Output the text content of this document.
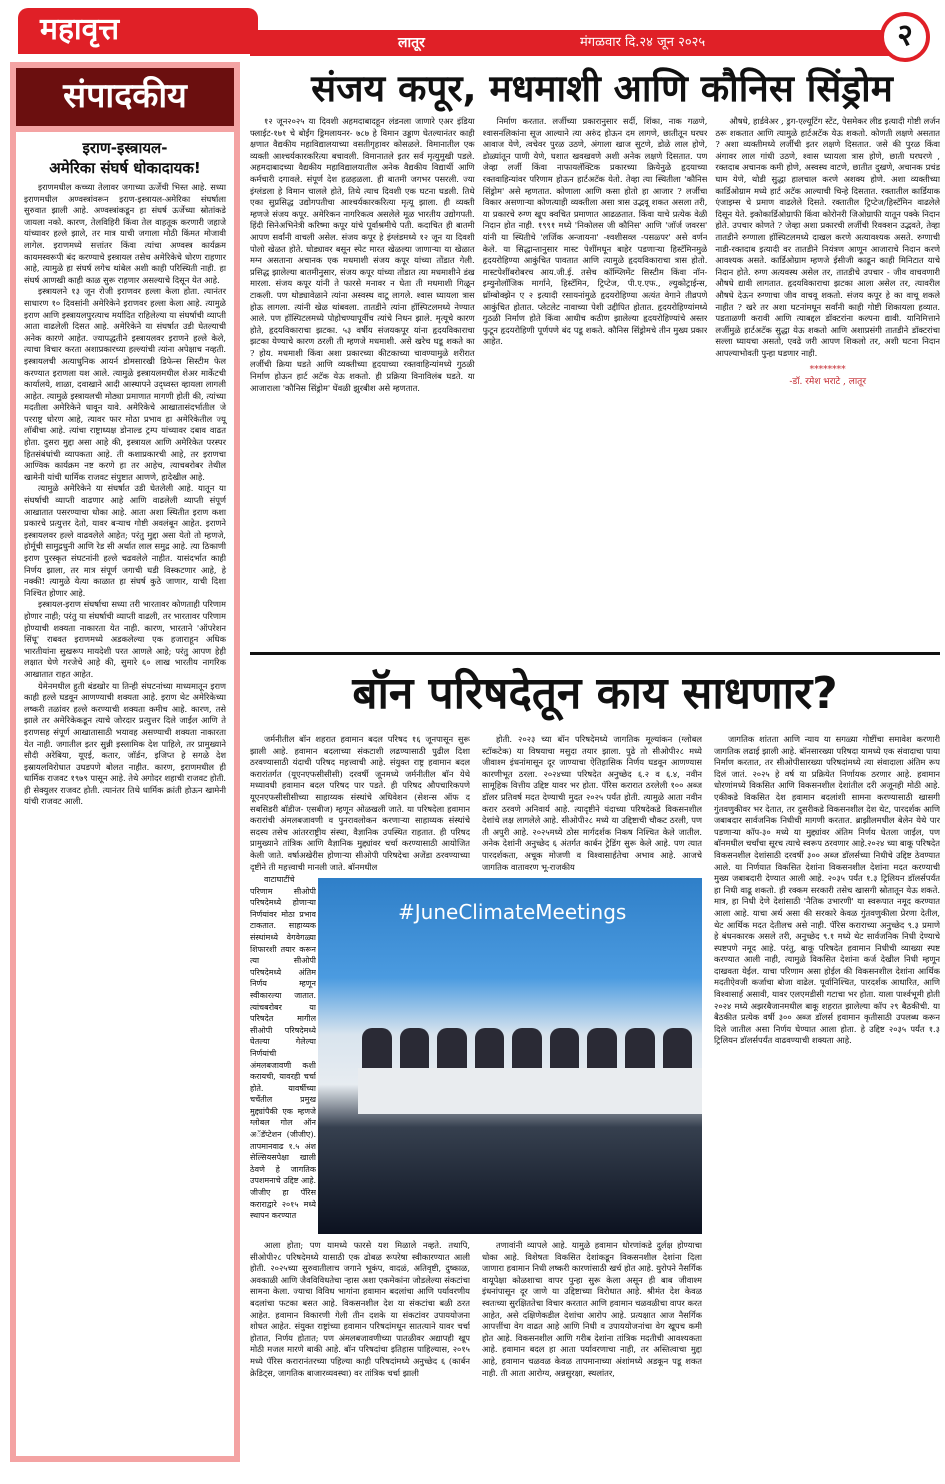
महावृत्त	लातूर	मंगळवार दि.२४ जून २०२५	२
संपादकीय
इराण-इस्त्रायल-
अमेरिका संघर्ष धोकादायक!

इराणमधील कच्च्या तेलावर जगाच्या ऊर्जेची भिस्त आहे. सध्या इराणमधील अण्वस्त्रांवरून इराण-इस्त्रायल-अमेरिका संघर्षाला सुरुवात झाली आहे. अण्वस्त्रांकडून हा संघर्ष ऊर्जेच्या स्रोतांकडे जायला नको. कारण, तेलविहिरी किंवा तेल वाहतूक करणारी जहाजे यांच्यावर हल्ले झाले, तर मात्र याची जगाला मोठी किंमत मोजावी लागेल. इराणमध्ये सत्तांतर किंवा त्यांचा अण्वस्त्र कार्यक्रम कायमस्वरूपी बंद करण्याचे इस्त्रायल तसेच अमेरिकेचे धोरण राहणार आहे, त्यामुळे हा संघर्ष लगेच थांबेल अशी काही परिस्थिती नाही. हा संघर्ष आणखी काही काळ सुरू राहणार असल्याचे दिसून येत आहे.

इस्त्रायलने १३ जून रोजी इराणवर हल्ला केला होता. त्यानंतर साधारण १० दिवसांनी अमेरिकेने इराणवर हल्ला केला आहे. त्यामुळे इराण आणि इस्त्रायलपुरत्याच मर्यादित राहिलेल्या या संघर्षाची व्याप्ती आता वाढलेली दिसत आहे. अमेरिकेने या संघर्षात उडी घेतल्याची अनेक कारणे आहेत. ज्यापद्धतीने इस्त्रायलवर इराणने हल्ले केले, त्याचा विचार करता अशाप्रकारच्या हल्ल्यांची त्यांना अपेक्षाच नव्हती. इस्त्रायलची अत्याधुनिक आयर्न डोमसारखी डिफेन्स सिस्टीम फेल करण्यात इराणला यश आले. त्यामुळे इस्त्रायलमधील शेअर मार्केटची कार्यालये, शाळा, दवाखाने आदी आस्थापने उद्ध्वस्त व्हायला लागली आहेत. त्यामुळे इस्त्रायलची मोठ्या प्रमाणात मागणी होती की, त्यांच्या मदतीला अमेरिकेने धावून यावे. अमेरिकेचे आखातासंदर्भातील जे परराष्ट्र धोरण आहे, त्यावर फार मोठा प्रभाव हा अमेरिकेतील ज्यू लॉबीचा आहे. त्यांचा राष्ट्राध्यक्ष डोनाल्ड ट्रम्प यांच्यावर दबाव वाढत होता. दुसरा मुद्दा असा आहे की, इस्त्रायल आणि अमेरिकेत परस्पर हितसंबंधांची व्यापकता आहे. ती कशाप्रकारची आहे, तर इराणचा आण्विक कार्यक्रम नष्ट करणे हा तर आहेच, त्याचबरोबर तेथील खामेनी यांची धार्मिक राजवट संपुष्टात आणणे, हादेखील आहे.

त्यामुळे अमेरिकेने या संघर्षात उडी घेतलेली आहे. यातून या संघर्षाची व्याप्ती वाढणार आहे आणि वाढलेली व्याप्ती संपूर्ण आखातात पसरण्याचा धोका आहे. आता अशा स्थितीत इराण कशा प्रकारचे प्रत्युत्तर देतो, यावर बऱ्याच गोष्टी अवलंबून आहेत. इराणने इस्त्रायलवर हल्ले वाढवलेले आहेत; परंतु मुद्दा असा येतो तो म्हणजे, होर्मूची सामुद्रधुनी आणि रेड सी अर्थात लाल समुद्र आहे. त्या ठिकाणी इराण पुरस्कृत संघटनांनी हल्ले चढवलेले नाहीत. यासंदर्भात काही निर्णय झाला, तर मात्र संपूर्ण जगाची घडी विस्कटणार आहे, हे नक्की! त्यामुळे येत्या काळात हा संघर्ष कुठे जाणार, याची दिशा निश्चित होणार आहे.

इस्त्रायल-इराण संघर्षाचा सध्या तरी भारतावर कोणताही परिणाम होणार नाही; परंतु या संघर्षाची व्याप्ती वाढली, तर भारतावर परिणाम होण्याची शक्यता नाकारता येत नाही. कारण, भारताने 'ऑपरेशन सिंधू' राबवत इराणमध्ये अडकलेल्या एक हजाराहून अधिक भारतीयांना सुखरूप मायदेशी परत आणले आहे; परंतु आपण हेही लक्षात घेणे गरजेचे आहे की, सुमारे ६० लाख भारतीय नागरिक आखातात राहत आहेत.

येमेनमधील हुती बंडखोर या तिन्ही संघटनांच्या माध्यमातून इराण काही हल्ले घडवून आणण्याची शक्यता आहे. इराण थेट अमेरिकेच्या लष्करी तळांवर हल्ले करण्याची शक्यता कमीच आहे. कारण, तसे झाले तर अमेरिकेकडून त्याचे जोरदार प्रत्युत्तर दिले जाईल आणि ते इराणसह संपूर्ण आखातासाठी भयावह असण्याची शक्यता नाकारता येत नाही. जगातील इतर सुन्नी इस्लामिक देश पाहिले, तर प्रामुख्याने सौदी अरेबिया, यूएई, कतार, जॉर्डन, इजिप्त हे सगळे देश इस्रायलविरोधात उघडपणे बोलत नाहीत. कारण, इराणमधील ही धार्मिक राजवट १९७९ पासून आहे. तेथे अगोदर शहाची राजवट होती. ही सेक्युलर राजवट होती. त्यानंतर तिथे धार्मिक क्रांती होऊन खामेनी यांची राजवट आली.

संजय कपूर, मधमाशी आणि कौनिस सिंड्रोम

१२ जून२०२५ या दिवशी अहमदाबादहून लंडनला जाणारे एअर इंडिया फ्लाईट-१७१ चे बोईंग ड्रिमलायनर- ७८७ हे विमान उड्डाण घेतल्यानंतर काही क्षणात वैद्यकीय महाविद्यालयाच्या वसतीगृहावर कोसळले. विमानातील एक व्यक्ती आश्चर्यकारकरित्या बचावली. विमानातले इतर सर्व मृत्युमुखी पडले. अहमदाबादच्या वैद्यकीय महाविद्यालयातील अनेक वैद्यकीय विद्यार्थी आणि कर्मचारी दगावले. संपूर्ण देश हळहळला. ही बातमी जगभर पसरली. ज्या इंग्लंडला हे विमान चालले होते, तिथे त्याच दिवशी एक घटना घडली. तिथे एका सुप्रसिद्ध उद्योगपतीचा आश्चर्यकारकरित्या मृत्यू झाला. ही व्यक्ती म्हणजे संजय कपूर. अमेरिकन नागरिकत्व असलेले मूळ भारतीय उद्योगपती. हिंदी सिनेअभिनेत्री करिष्मा कपूर यांचे पूर्वाश्रमीचे पती. कदाचित ही बातमी आपण सर्वांनी वाचली असेल. संजय कपूर हे इंग्लंडमध्ये १२ जून या दिवशी पोलो खेळत होते. घोड्यावर बसून स्पेट मारत खेळल्या जाणाऱ्या या खेळात मग्न असताना अचानक एक मधमाशी संजय कपूर यांच्या तोंडात गेली. प्रसिद्ध झालेल्या बातमीनुसार, संजय कपूर यांच्या तोंडात त्या मधमाशीने डंख मारला. संजय कपूर यांनी ते फारसे मनावर न घेता ती मधमाशी गिळून टाकली. पण थोड्यावेळाने त्यांना अस्वस्थ वाटू लागले. श्वास घ्यायला त्रास होऊ लागला. त्यांनी खेळ थांबवला. तातडीने त्यांना हॉस्पिटलमध्ये नेण्यात आले. पण हॉस्पिटलमध्ये पोहोचण्यापूर्वीच त्यांचे निधन झाले. मृत्यूचे कारण होते, हृदयविकाराचा झटका. ५३ वर्षीय संजयकपूर यांना हृदयविकाराचा झटका येण्याचे कारण ठरली ती म्हणजे मधमाशी. असे खरेच घडू शकते का ? होय. मधमाशी किंवा अशा प्रकारच्या कीटकाच्या चावण्यामुळे शरीरात लर्जीची क्रिया घडते आणि व्यक्तीच्या हृदयाच्या रक्तवाहिन्यांमध्ये गुठळी निर्माण होऊन हार्ट अटॅक येऊ शकतो. ही प्रक्रिया विनाविलंब घडते. या आजाराला 'कौनिस सिंड्रोम' घेंवळी झुरबीश असे म्हणतात.

निर्माण करतात. लर्जीच्या प्रकारानुसार सर्दी, शिंका, नाक गळणे, श्वासनलिकांना सूज आल्याने त्या अरुंद होऊन दम लागणे, छातीतून घरघर आवाज येणे, त्वचेवर पुरळ उठणे, अंगाला खाज सुटणे, डोळे लाल होणे, डोळ्यांतून पाणी येणे, घशात खवखवणे अशी अनेक लक्षणे दिसतात. पण जेव्हा लर्जी किंवा नाफायलॅक्टिक प्रकारच्या क्रियेनुळे हृदयाच्या रक्तवाहिन्यांवर परिणाम होऊन हार्टअटॅक येतो. तेव्हा त्या स्थितीला 'कौनिस सिंड्रोम' असे म्हणतात. कोणाला आणि कसा होतो हा आजार ? लर्जीचा विकार असणाऱ्या कोणत्याही व्यक्तीला असा त्रास उद्भवू शकत असला तरी, या प्रकारचे रुग्ण खूप क्वचित प्रमाणात आढळतात. किंवा याचे प्रत्येक वेळी निदान होत नाही. १९९१ मध्ये 'निकोलस जी कौनिस' आणि 'जॉर्ज जवरस' यांनी या स्थितीचे 'लर्जिक अन्जायना' -श्वशीसव्ल -पसळ्पर' असे वर्णन केले. या सिद्धान्तानुसार मास्ट पेशींमधून बाहेर पडणाऱ्या हिस्टॅमिनमुळे हृदयरोहिण्या आकुंचित पावतात आणि त्यामुळे हृदयविकाराचा त्रास होतो. मास्टपेशींबरोबरच आय.जी.ई. तसेच कॉम्प्लिमेंट सिस्टीम किंवा नॉन-इम्युनोलॉजिक मार्गाने, हिस्टॅमिन, ट्रिप्टेज, पी.ए.एफ., ल्युकोट्राईन्स, थ्रॉम्बोक्झेन ए २ इत्यादी रसायनांमुळे हृदयरोहिण्या अत्यंत वेगाने तीव्रपणे आकुंचित होतात. प्लेटलेट नावाच्या पेशी उद्दीपित होतात. हृदयरोहिण्यांमध्ये गुठळी निर्माण होते किंवा आधीच कठीण झालेल्या हृदयरोहिण्यांचे अस्तर फुटून हृदयरोहिणी पूर्णपणे बंद पडू शकते. कौनिस सिंड्रोमचे तीन मुख्य प्रकार आहेत.

औषधे, हार्डवेअर , ड्रग-एल्यूटिंग स्टेंट, पेसमेकर लीड इत्यादी गोष्टी लर्जन ठरू शकतात आणि त्यामुळे हार्टअटॅक येऊ शकतो. कोणती लक्षणे असतात ? अशा व्यक्तीमध्ये लर्जीची इतर लक्षणे दिसतात. जसे की पुरळ किंवा अंगावर लाल गांधी उठणे, श्वास घ्यायला त्रास होणे, छाती घरघरणे , रक्तदाब अचानक कमी होणे, अस्वस्थ वाटणे, छातीत दुखणे, अचानक प्रचंड घाम येणे, थोडी सुद्धा हालचाल करणे अशक्य होणे. अशा व्यक्तीच्या कार्डिओग्राम मध्ये हार्ट अटॅक आल्याची चिन्हे दिसतात. रक्तातील कार्डियाक एंजाइम्स चे प्रमाण वाढलेले दिसते. रक्तातील ट्रिप्टेज/हिस्टॅमिन वाढलेले दिसून येते. इकोकार्डिओग्राफी किंवा कोरोनरी जिओग्राफी यातून पक्के निदान होते. उपचार कोणते ? जेव्हा अशा प्रकारची लर्जीची रिवक्शन उद्भवते, तेव्हा तातडीने रुग्णाला हॉस्पिटलमध्ये दाखल करणे अत्यावश्यक असते. रुग्णाची नाडी-रक्तदाब इत्यादी वर तातडीने नियंत्रण आणून आजाराचे निदान करणे आवश्यक असते. कार्डिओग्राम म्हणजे ईसीजी काढून काही मिनिटात याचे निदान होते. रुग्ण अत्यवस्थ असेल तर, तातडीचे उपचार - जीव वाचवणारी औषधे द्यावी लागतात. हृदयविकाराचा झटका आला असेल तर, त्यावरील औषधे देऊन रुग्णाचा जीव वाचवू शकतो. संजय कपूर हे का वाचू शकले नाहीत ? खरे तर अशा घटनांमधून सर्वांनी काही गोष्टी शिकायला हव्यात. पडताळणी करावी आणि त्याबद्दल डॉक्टरांना कल्पना द्यावी. यानिमित्ताने लर्जीमुळे हार्टअटॅक सुद्धा येऊ शकतो आणि अशाप्रसंगी तातडीने डॉक्टरांचा सल्ला घ्यायचा असतो, एवढे जरी आपण शिकलो तर, अशी घटना निदान आपल्याभोवती पुन्हा घडणार नाही.

********
-डॉ. रमेश भराटे , लातूर
बॉन परिषदेतून काय साधणार?

जर्मनीतील बॉन शहरात हवामान बदल परिषद १६ जूनपासून सुरू झाली आहे. हवामान बदलाच्या संकटाशी लढण्यासाठी पुढील दिशा ठरवण्यासाठी यंदाची परिषद महत्त्वाची आहे. संयुक्त राष्ट्र हवामान बदल करारांतर्गत (यूएनएफसीसीसी) दरवर्षी जूनमध्ये जर्मनीतील बॉन येथे मध्यावधी हवामान बदल परिषद पार पडते. ही परिषद औपचारिकपणे यूएनएफसीसीसीच्या साहाय्यक संस्थांचे अधिवेशन (सेशन्स ऑफ द सबसिडरी बॉडीज- एसबीज) म्हणून ओळखली जाते. या परिषदेला हवामान करारांची अंमलबजावणी व पुनरावलोकन करणाऱ्या साहाय्यक संस्थांचे सदस्य तसेच आंतरराष्ट्रीय संस्था, वैज्ञानिक उपस्थित राहतात. ही परिषद प्रामुख्याने तांत्रिक आणि वैज्ञानिक मुद्द्यांवर चर्चा करण्यासाठी आयोजित केली जाते. वर्षाअखेरीस होणाऱ्या सीओपी परिषदेचा अजेंडा ठरवण्याच्या दृष्टीने ती महत्त्वाची मानली जाते. बॉनमधील

होती. २०२३ च्या बॉन परिषदेमध्ये जागतिक मूल्यांकन (ग्लोबल स्टॉकटेक) या विषयाचा मसुदा तयार झाला. पुढे तो सीओपी२८ मध्ये जीवाश्म इंधनांमासून दूर जाण्याचा ऐतिहासिक निर्णय घडवून आणण्यास कारणीभूत ठरला. २०२४च्या परिषदेत अनुच्छेद ६.२ व ६.४, नवीन सामूहिक वित्तीय उद्दिष्ट यावर भर होता. पॅरिस करारात ठरलेली १०० अब्ज डॉलर प्रतिवर्ष मदत देण्याची मुदत २०२५ पर्यंत होती. त्यामुळे आता नवीन करार ठरवणे अनिवार्य आहे. त्यादृष्टीने यंदाच्या परिषदेकडे विकसनशील देशांचे लक्ष लागलेले आहे. सीओपी२८ मध्ये या उद्दिष्टाची चौकट ठरली, पण ती अपुरी आहे. २०२५मध्ये ठोस मार्गदर्शक निकष निश्चित केले जातील. अनेक देशांनी अनुच्छेद ६ अंतर्गत कार्बन ट्रेडिंग सुरू केले आहे. पण त्यात पारदर्शकता, अचूक मोजणी व विश्वासार्हतेचा अभाव आहे. आजचे जागतिक वातावरण भू-राजकीय

वाटाघाटींचे परिणाम सीओपी परिषदेमध्ये होणाऱ्या निर्णयांवर मोठा प्रभाव टाकतात. साहाय्यक संस्थांमध्ये वेगवेगळ्या शिफारशी तयार करून त्या सीओपी परिषदेमध्ये अंतिम निर्णय म्हणून स्वीकारल्या जातात. त्यांचबरोबर या परिषदेत मागील सीओपी परिषदेमध्ये घेतल्या गेलेल्या निर्णयांची अंमलबजावणी कशी करायची, यावरही चर्चा होते. यावर्षीच्या चर्चेतील प्रमुख मुद्द्यांपैकी एक म्हणजे ग्लोबल गोल ऑन अॅडॅप्टेशन (जीजीए). तापमानवाढ १.५ अंश सेल्सियसपेक्षा खाली ठेवणे हे जागतिक उपशमनाचे उद्दिष्ट आहे. जीजीए हा पॅरिस कराराद्वारे २०१५ मध्ये स्थापन करण्यात

#JuneClimateMeetings

आला होता; पण यामध्ये फारसे यश मिळाले नव्हते. तथापि, सीओपी२८ परिषदेमध्ये यासाठी एक ढोबळ रूपरेषा स्वीकारण्यात आली होती. २०२५च्या सुरुवातीलाच जगाने भूकंप, वादळं, अतिवृष्टी, दुष्काळ, अवकाळी आणि जैवविविधतेचा ऱ्हास अशा एकमेकांना जोडलेल्या संकटांचा सामना केला. ज्याचा विविध भागांना हवामान बदलांचा आणि पर्यावरणीय बदलांचा फटका बसत आहे. विकसनशील देश या संकटांचा बळी ठरत आहेत. हवामान विकारणी गेली तीन दशके या संकटांवर उपाययोजना शोधत आहेत. संयुक्त राष्ट्रांच्या हवामान परिषदांमधून सातत्याने यावर चर्चा होतात, निर्णय होतात; पण अंमलबजावणीच्या पातळीवर अद्यापही खूप मोठी मजल मारणे बाकी आहे. बॉन परिषदांचा इतिहास पाहिल्यास, २०१५ मध्ये पॅरिस करारानंतरच्या पहिल्या काही परिषदांमध्ये अनुच्छेद ६ (कार्बन क्रेडिट्स, जागतिक बाजारव्यवस्था) वर तांत्रिक चर्चा झाली

तणावांनी व्यापले आहे. यामुळे हवामान धोरणांकडे दुर्लक्ष होण्याचा धोका आहे. विशेषतः विकसित देशांकडून विकसनशील देशांना दिला जाणारा हवामान निधी लष्करी कारणांसाठी खर्च होत आहे. युरोपने नैसर्गिक वायूपेक्षा कोळशाचा वापर पुन्हा सुरू केला असून ही बाब जीवाश्म इंधनांपासून दूर जाणे या उद्दिष्टाच्या विरोधात आहे. श्रीमंत देश केवळ स्वतःच्या सुरक्षिततेचा विचार करतात आणि हवामान चळवळीचा वापर करत आहेत, असे दक्षिणेकडील देशांचा आरोप आहे. प्रत्यक्षात आज नैसर्गिक आपत्तींचा वेग वाढत आहे आणि निधी व उपाययोजनांचा वेग खूपच कमी होत आहे. विकसनशील आणि गरीब देशांना तांत्रिक मदतीची आवश्यकता आहे. हवामान बदल हा आता पर्यावरणाचा नाही, तर अस्तित्वाचा मुद्दा आहे, हवामान चळवळ केवळ तापमानाच्या अंशांमध्ये अडकून पडू शकत नाही. ती आता आरोग्य, अन्नसुरक्षा, स्थलांतर,

जागतिक शांतता आणि न्याय या सगळ्या गोष्टींचा समावेश करणारी जागतिक लढाई झाली आहे. बॉनसारख्या परिषदा यामध्ये एक संवादाचा पाया निर्माण करतात, तर सीओपीसारख्या परिषदांमध्ये त्या संवादाला अंतिम रूप दिलं जातं. २०२५ हे वर्ष या प्रक्रियेत निर्णायक ठरणार आहे. हवामान धोरणांमध्ये विकसित आणि विकसनशील देशांतील दरी अजूनही मोठी आहे. एकीकडे विकसित देश हवामान बदलांशी सामना करण्यासाठी खासगी गुंतवणुकीवर भर देतात, तर दुसरीकडे विकसनशील देश थेट, पारदर्शक आणि जबाबदार सार्वजनिक निधीची मागणी करतात. ब्राझीलमधील बेलेन येथे पार पडणाऱ्या कॉप-३० मध्ये या मुद्द्यांवर अंतिम निर्णय घेतला जाईल, पण बॉनमधील चर्चांचा सूरच त्याचे स्वरूप ठरवणार आहे.२०२४ च्या बाकू परिषदेत विकसनशील देशांसाठी दरवर्षी ३०० अब्ज डॉलर्सच्या निधीचे उद्दिष्ट ठेवण्यात आले. या निर्णयात विकसित देशांना विकसनशील देशांना मदत करण्याची मुख्य जबाबदारी देण्यात आली आहे. २०३५ पर्यंत १.३ ट्रिलियन डॉलर्सपर्यंत हा निधी वाढू शकतो. ही रक्कम सरकारी तसेच खासगी स्रोतातून येऊ शकते. मात्र, हा निधी देणे देशांसाठी 'नैतिक उभारणी' या स्वरूपात नमूद करण्यात आला आहे. याचा अर्थ असा की सरकारे केवळ गुंतवणुकीला प्रेरणा देतील, थेट आर्थिक मदत देतीलच असे नाही. पॅरिस कराराच्या अनुच्छेद ९.३ प्रमाणे हे बंधनकारक असले तरी, अनुच्छेद ९.१ मध्ये थेट सार्वजनिक निधी देण्याचे स्पष्टपणे नमूद आहे. परंतु, बाकू परिषदेत हवामान निधीची व्याख्या स्पष्ट करण्यात आली नाही, त्यामुळे विकसित देशांना कर्ज देखील निधी म्हणून दाखवता येईल. याचा परिणाम असा होईल की विकसनशील देशांना आर्थिक मदतीऐवजी कर्जाचा बोजा वाढेल. पूर्वानिश्चित, पारदर्शक आधारित, आणि विश्वासार्ह असावी, यावर एलएमडीसी गटाचा भर होता. याला पार्श्वभूमी होती २०२४ मध्ये अझरबैजानमधील बाकू शहरात झालेल्या कॉप २९ बैठकीची. या बैठकीत प्रत्येक वर्षी ३०० अब्ज डॉलर्स हवामान कृतीसाठी उपलब्ध करून दिले जातील असा निर्णय घेण्यात आला होता. हे उद्दिष्ट २०३५ पर्यंत १.३ ट्रिलियन डॉलर्सपर्यंत वाढवण्याची शक्यता आहे.
